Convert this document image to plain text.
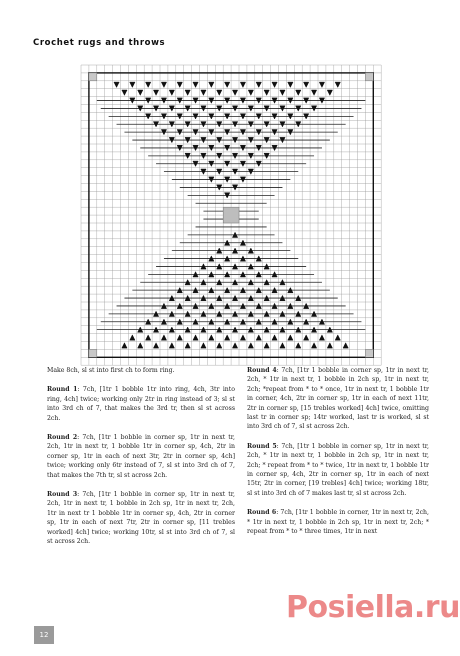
Crochet rugs and throws

Make 8ch, sl st into first ch to form ring.

Round 1: 7ch, [1tr 1 bobble 1tr into ring, 4ch, 3tr into ring, 4ch] twice; working only 2tr in ring instead of 3; sl st into 3rd ch of 7, that makes the 3rd tr, then sl st across 2ch.

Round 2: 7ch, [1tr 1 bobble in corner sp, 1tr in next tr, 2ch, 1tr in next tr, 1 bobble 1tr in corner sp, 4ch, 2tr in corner sp, 1tr in each of next 3tr, 2tr in corner sp, 4ch] twice; working only 6tr instead of 7, sl st into 3rd ch of 7, that makes the 7th tr, sl st across 2ch.

Round 3: 7ch, [1tr 1 bobble in corner sp, 1tr in next tr, 2ch, 1tr in next tr, 1 bobble in 2ch sp, 1tr in next tr, 2ch, 1tr in next tr 1 bobble 1tr in corner sp, 4ch, 2tr in corner sp, 1tr in each of next 7tr, 2tr in corner sp, [11 trebles worked] 4ch] twice; working 10tr, sl st into 3rd ch of 7, sl st across 2ch.

Round 4: 7ch, [1tr 1 bobble in corner sp, 1tr in next tr, 2ch, * 1tr in next tr, 1 bobble in 2ch sp, 1tr in next tr, 2ch; *repeat from * to * once, 1tr in next tr, 1 bobble 1tr in corner, 4ch, 2tr in corner sp, 1tr in each of next 11tr, 2tr in corner sp, [15 trebles worked] 4ch] twice, omitting last tr in corner sp; 14tr worked, last tr is worked, sl st into 3rd ch of 7, sl st across 2ch.

Round 5: 7ch, [1tr 1 bobble in corner sp, 1tr in next tr, 2ch, * 1tr in next tr, 1 bobble in 2ch sp, 1tr in next tr, 2ch; * repeat from * to * twice, 1tr in next tr, 1 bobble 1tr in corner sp, 4ch, 2tr in corner sp, 1tr in each of next 15tr, 2tr in corner, [19 trebles] 4ch] twice; working 18tr, sl st into 3rd ch of 7 makes last tr, sl st across 2ch.

Round 6: 7ch, [1tr 1 bobble in corner, 1tr in next tr, 2ch, * 1tr in next tr, 1 bobble in 2ch sp, 1tr in next tr, 2ch; * repeat from * to * three times, 1tr in next

12
Posiella.ru
